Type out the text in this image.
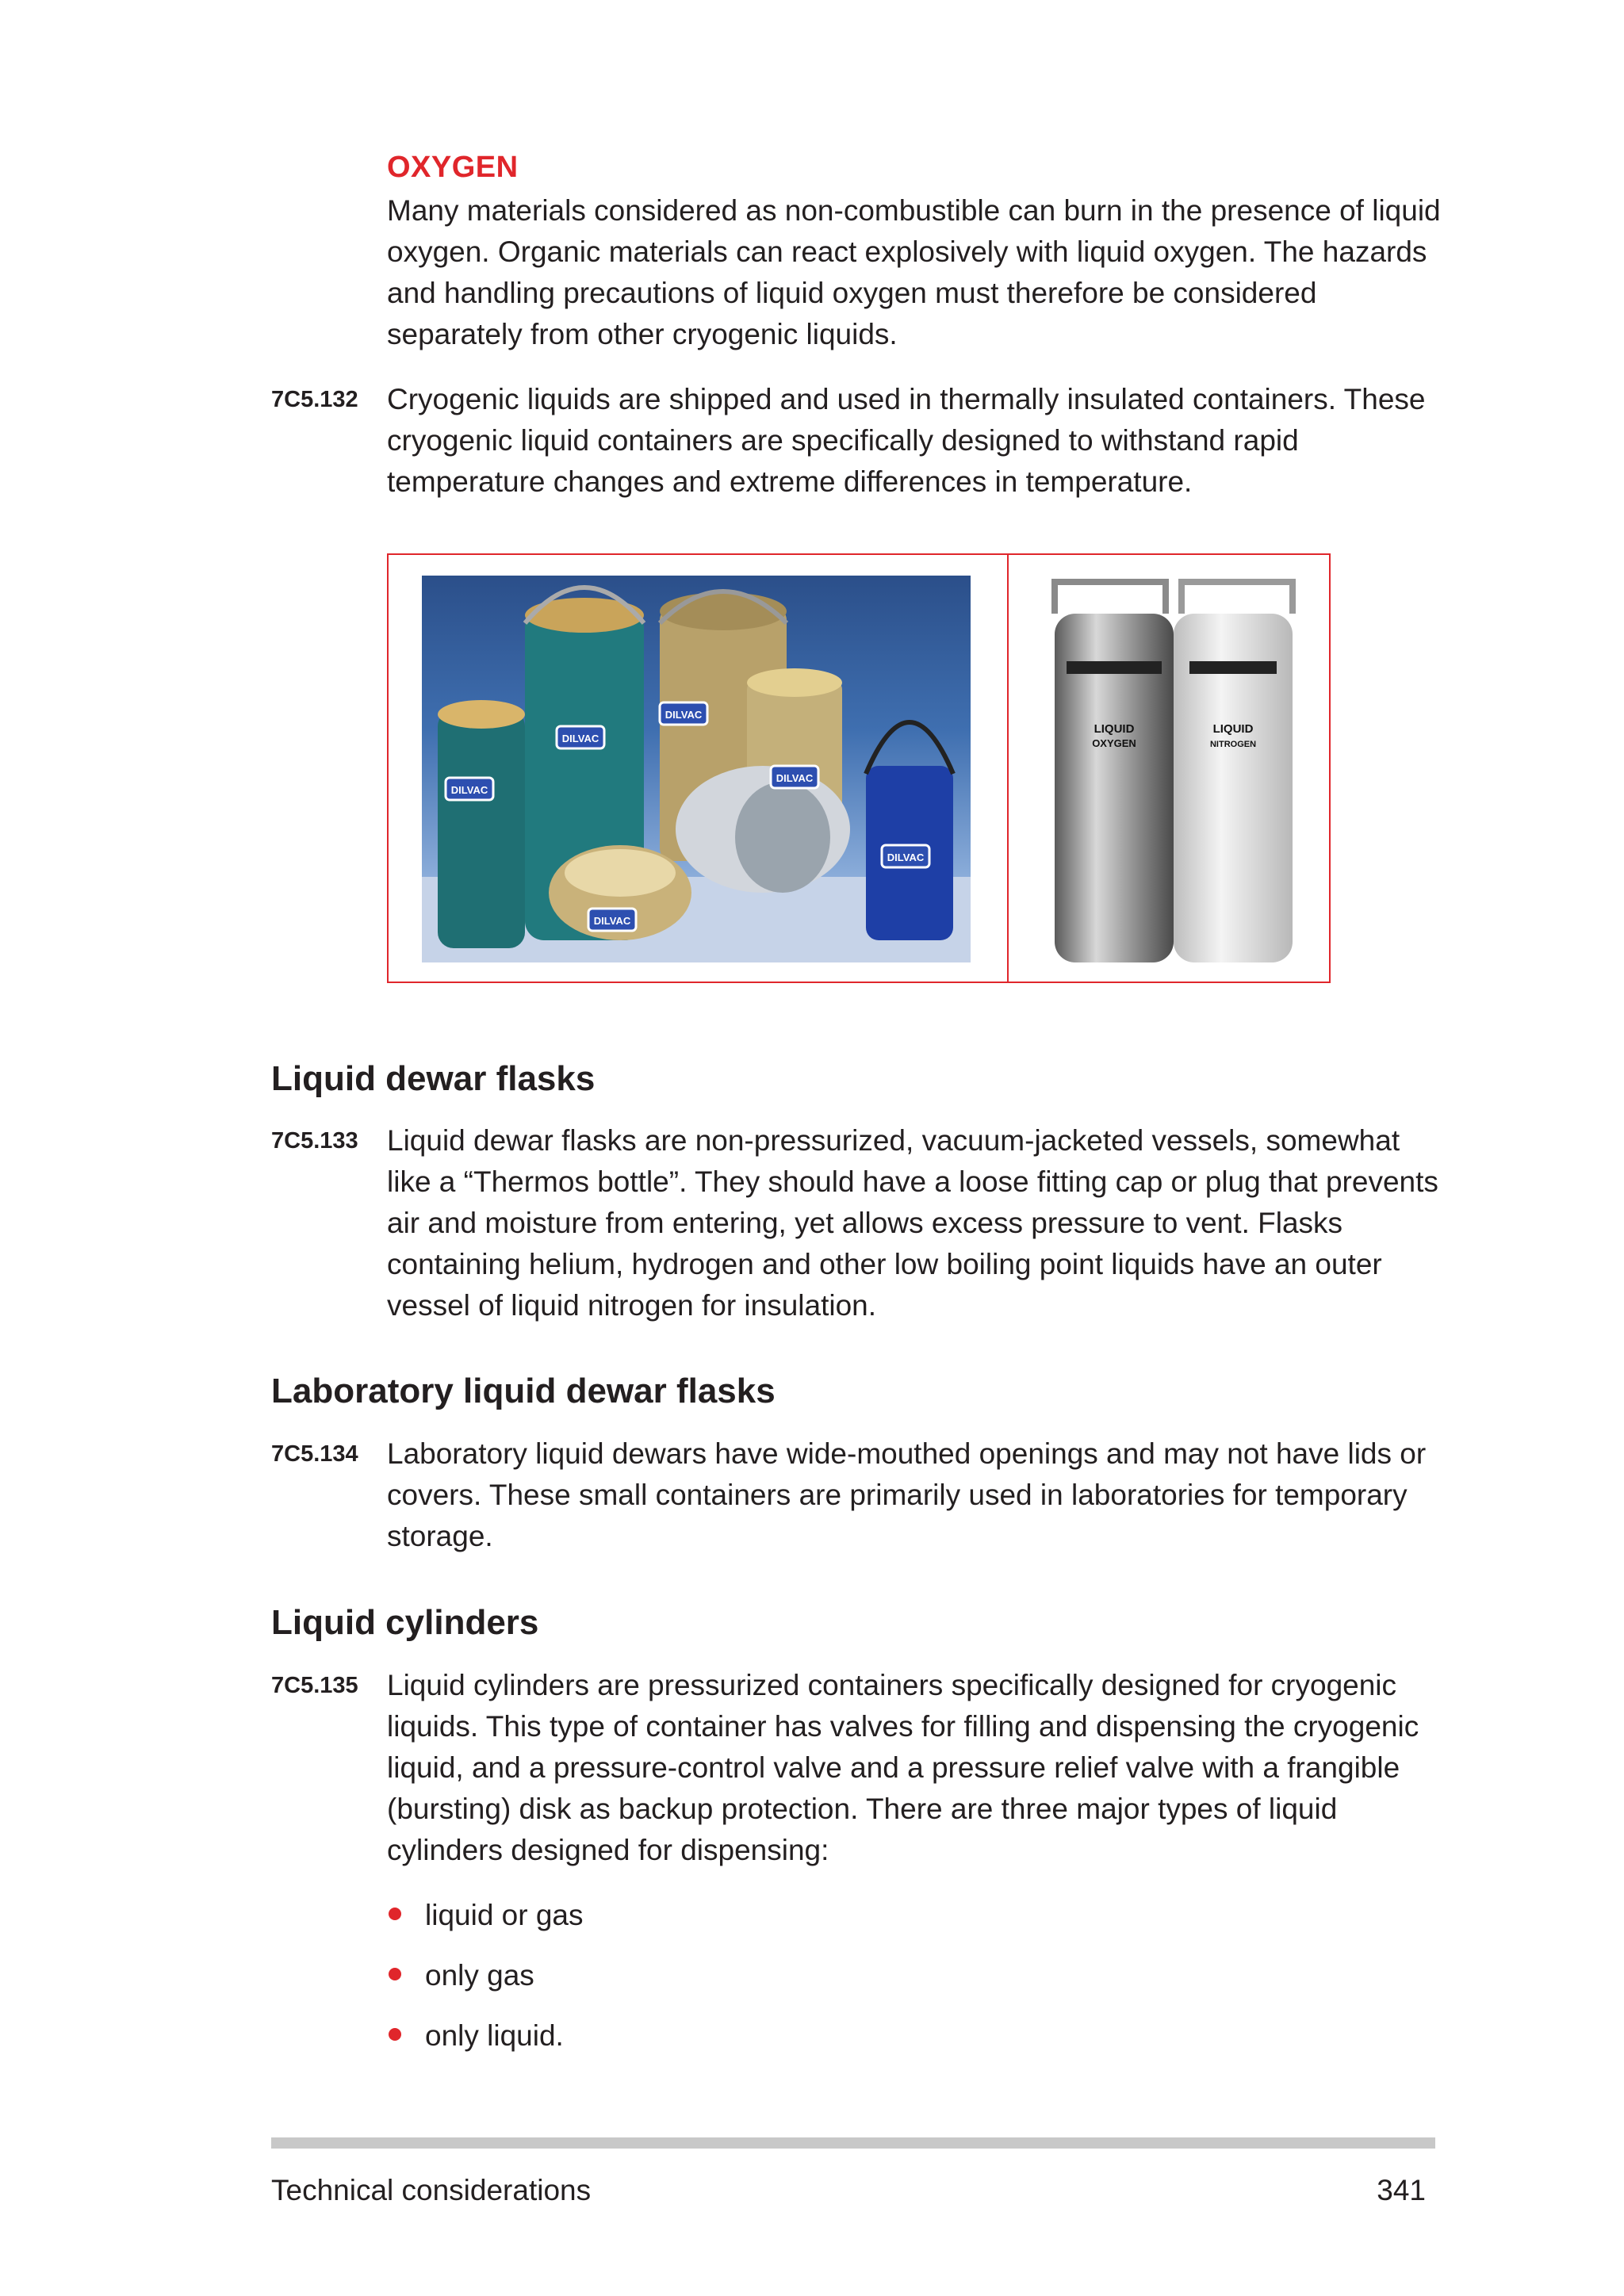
OXYGEN
Many materials considered as non-combustible can burn in the presence of liquid oxygen. Organic materials can react explosively with liquid oxygen. The hazards and handling precautions of liquid oxygen must therefore be considered separately from other cryogenic liquids.
7C5.132 Cryogenic liquids are shipped and used in thermally insulated containers. These cryogenic liquid containers are specifically designed to withstand rapid temperature changes and extreme differences in temperature.
DILVAC
DILVAC
DILVAC
DILVAC
DILVAC
DILVAC
LIQUID
OXYGEN
LIQUID
NITROGEN
Liquid dewar flasks
7C5.133 Liquid dewar flasks are non-pressurized, vacuum-jacketed vessels, somewhat like a “Thermos bottle”. They should have a loose fitting cap or plug that prevents air and moisture from entering, yet allows excess pressure to vent. Flasks containing helium, hydrogen and other low boiling point liquids have an outer vessel of liquid nitrogen for insulation.
Laboratory liquid dewar flasks
7C5.134 Laboratory liquid dewars have wide-mouthed openings and may not have lids or covers. These small containers are primarily used in laboratories for temporary storage.
Liquid cylinders
7C5.135 Liquid cylinders are pressurized containers specifically designed for cryogenic liquids. This type of container has valves for filling and dispensing the cryogenic liquid, and a pressure-control valve and a pressure relief valve with a frangible (bursting) disk as backup protection. There are three major types of liquid cylinders designed for dispensing:
liquid or gas
only gas
only liquid.
Technical considerations	341
